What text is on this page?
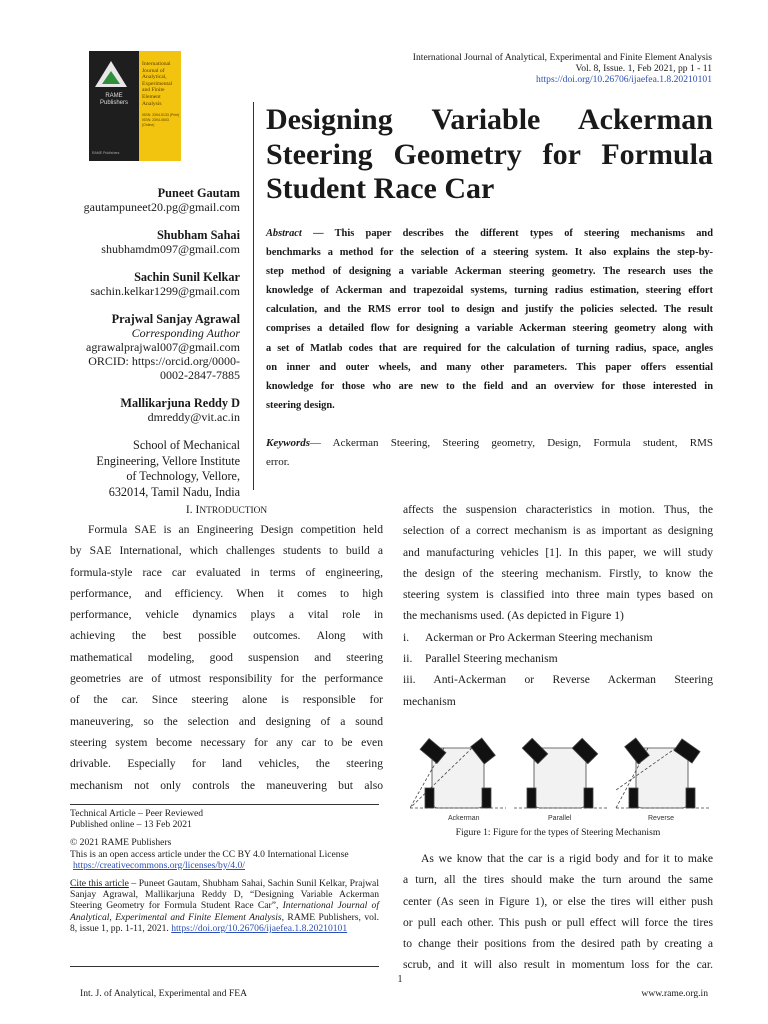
RAME Publishers
International Journal of Analytical, Experimental and Finite Element Analysis
ISSN: 2394-5133 (Print) ISSN: 2394-0603 (Online)
RAME Publishers
International Journal of Analytical, Experimental and Finite Element Analysis
Vol. 8, Issue. 1, Feb 2021, pp 1 - 11
https://doi.org/10.26706/ijaefea.1.8.20210101
Designing Variable Ackerman
Steering Geometry for Formula
Student Race Car
Puneet Gautam
gautampuneet20.pg@gmail.com
Shubham Sahai
shubhamdm097@gmail.com
Sachin Sunil Kelkar
sachin.kelkar1299@gmail.com
Prajwal Sanjay Agrawal
Corresponding Author
agrawalprajwal007@gmail.com
ORCID: https://orcid.org/0000-
0002-2847-7885
Mallikarjuna Reddy D
dmreddy@vit.ac.in
School of Mechanical
Engineering, Vellore Institute
of Technology, Vellore,
632014, Tamil Nadu, India
Abstract — This paper describes the different types of steering mechanisms and
benchmarks a method for the selection of a steering system. It also explains the step-by-
step method of designing a variable Ackerman steering geometry. The research uses the
knowledge of Ackerman and trapezoidal systems, turning radius estimation, steering effort
calculation, and the RMS error tool to design and justify the policies selected. The result
comprises a detailed flow for designing a variable Ackerman steering geometry along with
a set of Matlab codes that are required for the calculation of turning radius, space, angles
on inner and outer wheels, and many other parameters. This paper offers essential
knowledge for those who are new to the field and an overview for those interested in
steering design.
Keywords— Ackerman Steering, Steering geometry, Design, Formula student, RMS
error.
I. INTRODUCTION
Formula SAE is an Engineering Design competition held
by SAE International, which challenges students to build a
formula-style race car evaluated in terms of engineering,
performance, and efficiency. When it comes to high
performance, vehicle dynamics plays a vital role in
achieving the best possible outcomes. Along with
mathematical modeling, good suspension and steering
geometries are of utmost responsibility for the performance
of the car. Since steering alone is responsible for
maneuvering, so the selection and designing of a sound
steering system become necessary for any car to be even
drivable. Especially for land vehicles, the steering
mechanism not only controls the maneuvering but also
affects the suspension characteristics in motion. Thus, the
selection of a correct mechanism is as important as designing
and manufacturing vehicles [1]. In this paper, we will study
the design of the steering mechanism. Firstly, to know the
steering system is classified into three main types based on
the mechanisms used. (As depicted in Figure 1)
i. Ackerman or Pro Ackerman Steering mechanism
ii. Parallel Steering mechanism
iii. Anti-Ackerman or Reverse Ackerman Steering
mechanism
Ackerman	Parallel	Reverse
Figure 1: Figure for the types of Steering Mechanism
As we know that the car is a rigid body and for it to make
a turn, all the tires should make the turn around the same
center (As seen in Figure 1), or else the tires will either push
or pull each other. This push or pull effect will force the tires
to change their positions from the desired path by creating a
scrub, and it will also result in momentum loss for the car.

Technical Article – Peer Reviewed
Published online – 13 Feb 2021

© 2021 RAME Publishers
This is an open access article under the CC BY 4.0 International License
https://creativecommons.org/licenses/by/4.0/

Cite this article – Puneet Gautam, Shubham Sahai, Sachin Sunil Kelkar, Prajwal Sanjay Agrawal, Mallikarjuna Reddy D, “Designing Variable Ackerman Steering Geometry for Formula Student Race Car”, International Journal of Analytical, Experimental and Finite Element Analysis, RAME Publishers, vol. 8, issue 1, pp. 1-11, 2021. https://doi.org/10.26706/ijaefea.1.8.20210101

1
Int. J. of Analytical, Experimental and FEA	www.rame.org.in
